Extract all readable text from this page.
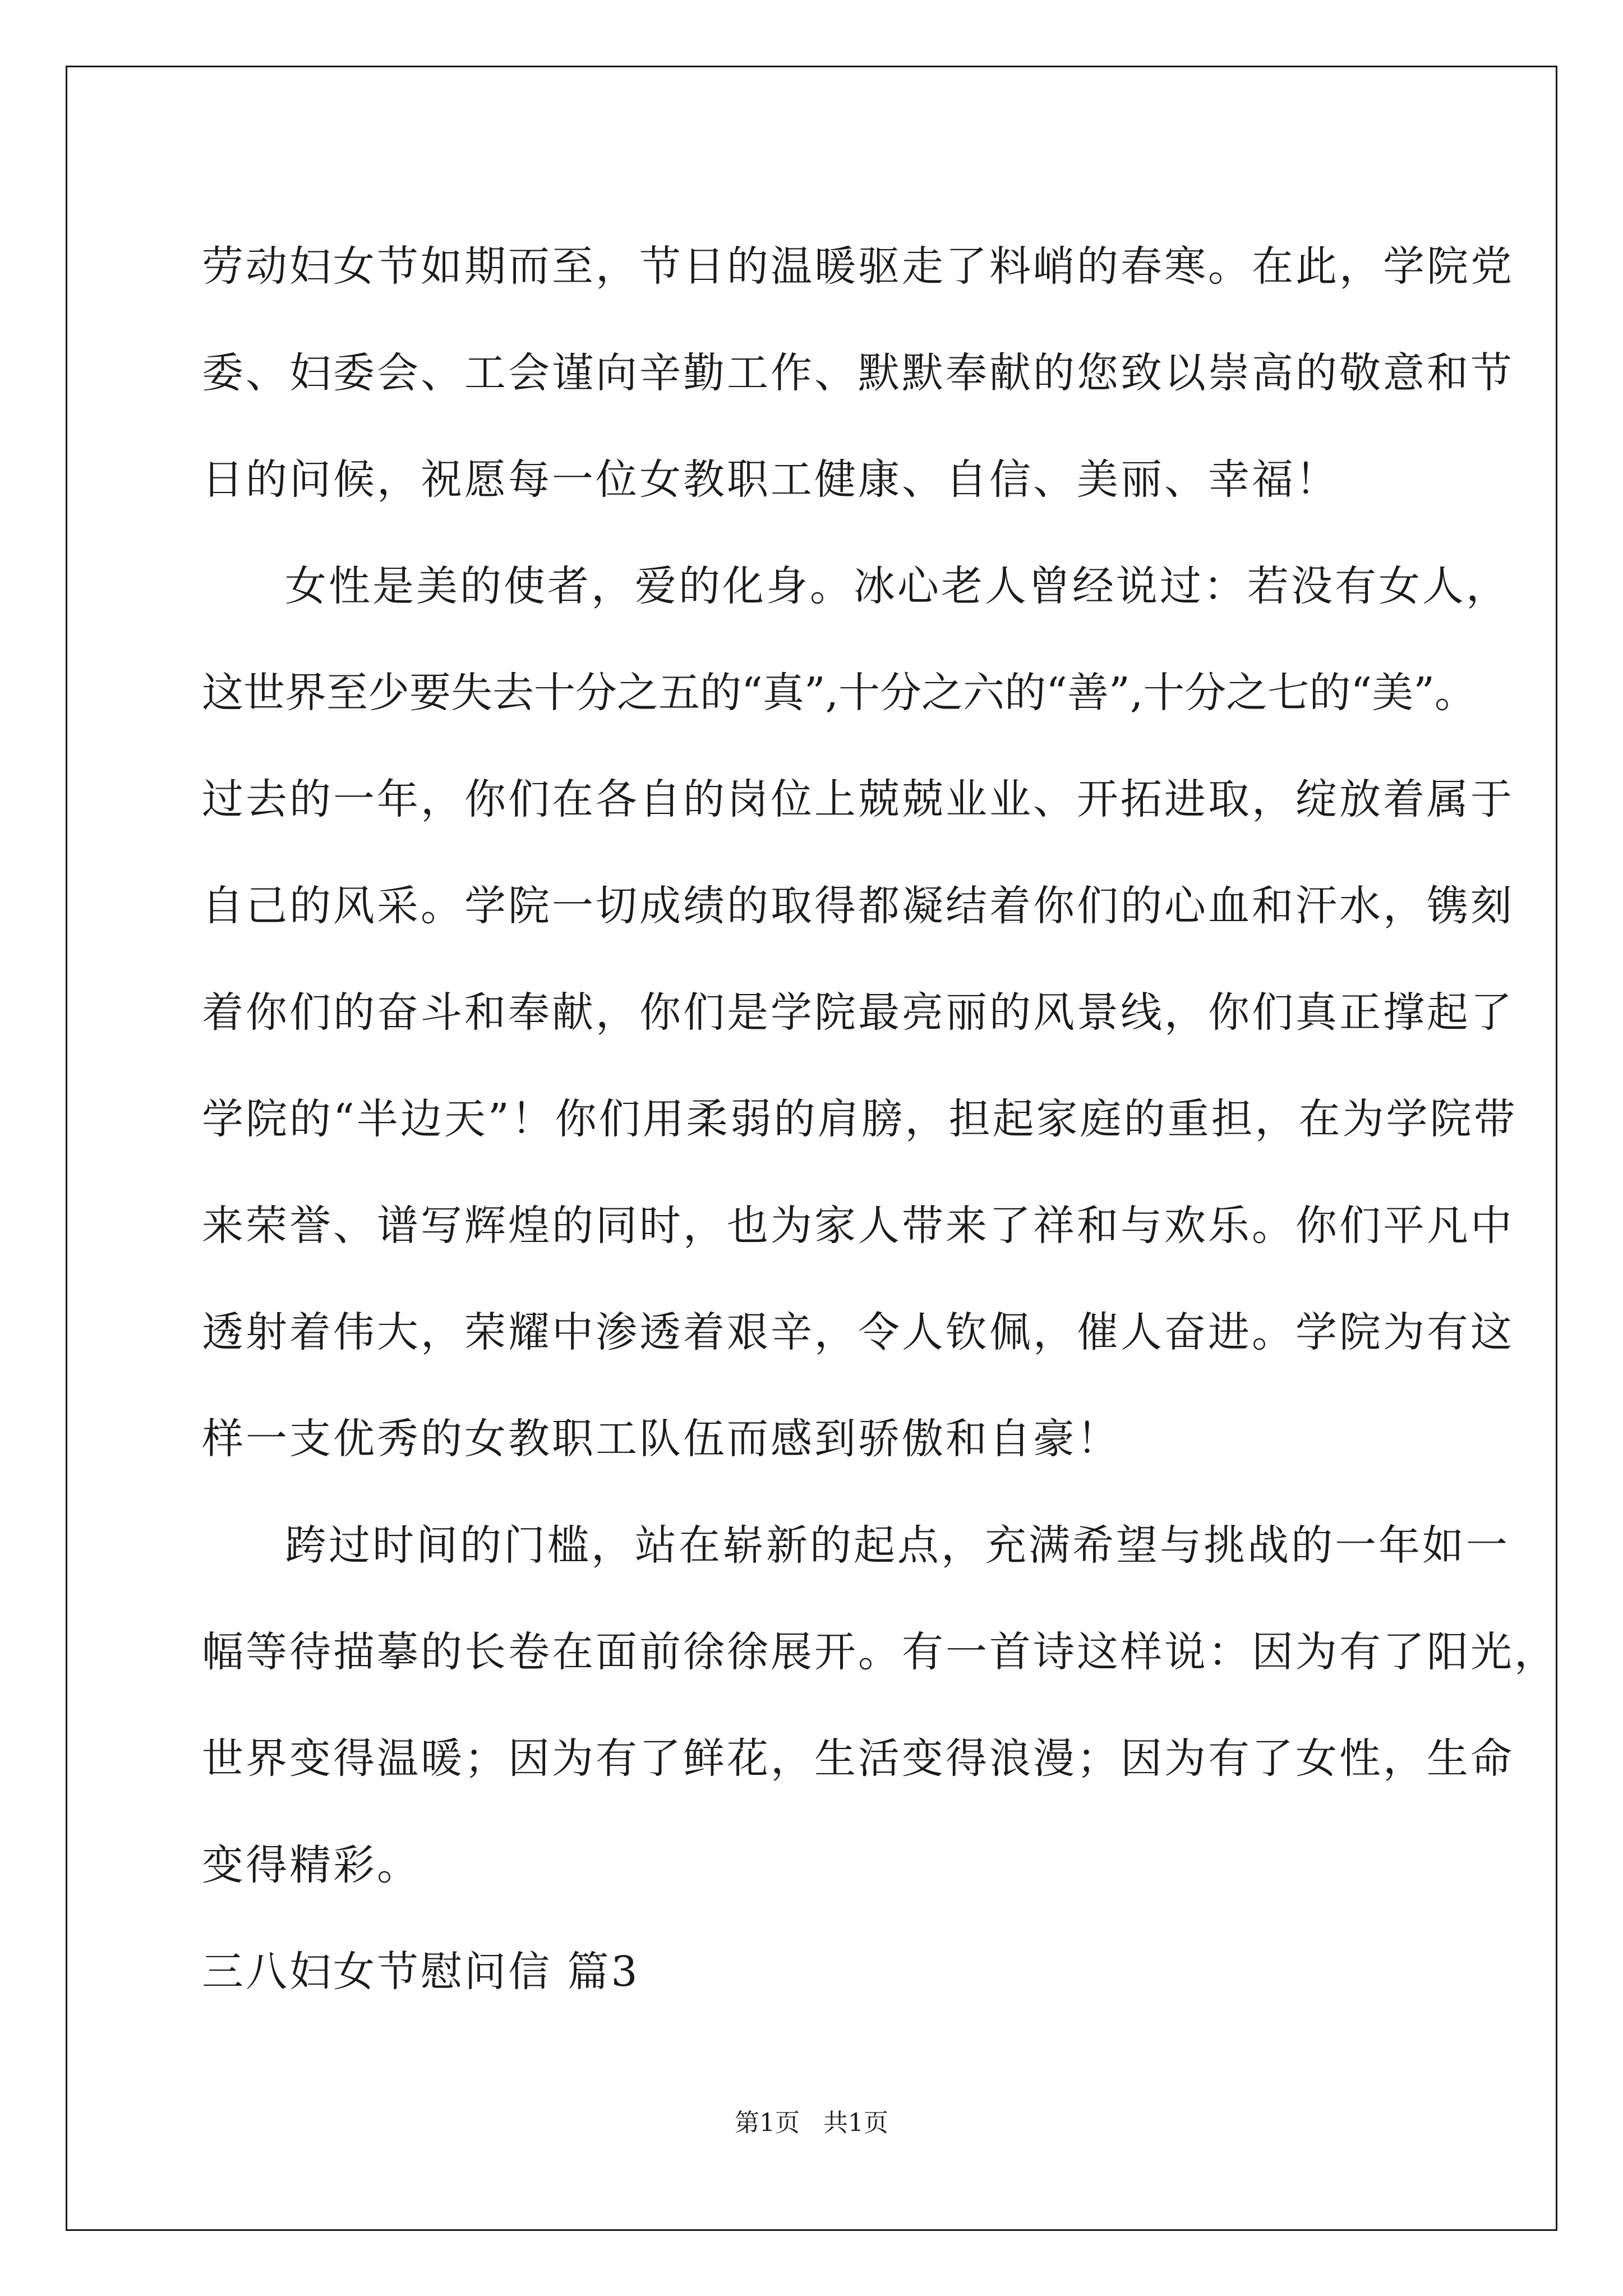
劳动妇女节如期而至，节日的温暖驱走了料峭的春寒。在此，学院党
委、妇委会、工会谨向辛勤工作、默默奉献的您致以崇高的敬意和节
日的问候，祝愿每一位女教职工健康、自信、美丽、幸福！
女性是美的使者，爱的化身。冰心老人曾经说过：若没有女人，
这世界至少要失去十分之五的“真”,十分之六的“善”,十分之七的“美”。
过去的一年，你们在各自的岗位上兢兢业业、开拓进取，绽放着属于
自己的风采。学院一切成绩的取得都凝结着你们的心血和汗水，镌刻
着你们的奋斗和奉献，你们是学院最亮丽的风景线，你们真正撑起了
学院的“半边天”！你们用柔弱的肩膀，担起家庭的重担，在为学院带
来荣誉、谱写辉煌的同时，也为家人带来了祥和与欢乐。你们平凡中
透射着伟大，荣耀中渗透着艰辛，令人钦佩，催人奋进。学院为有这
样一支优秀的女教职工队伍而感到骄傲和自豪！
跨过时间的门槛，站在崭新的起点，充满希望与挑战的一年如一
幅等待描摹的长卷在面前徐徐展开。有一首诗这样说：因为有了阳光，
世界变得温暖；因为有了鲜花，生活变得浪漫；因为有了女性，生命
变得精彩。
三八妇女节慰问信 篇3
第1页   共1页
